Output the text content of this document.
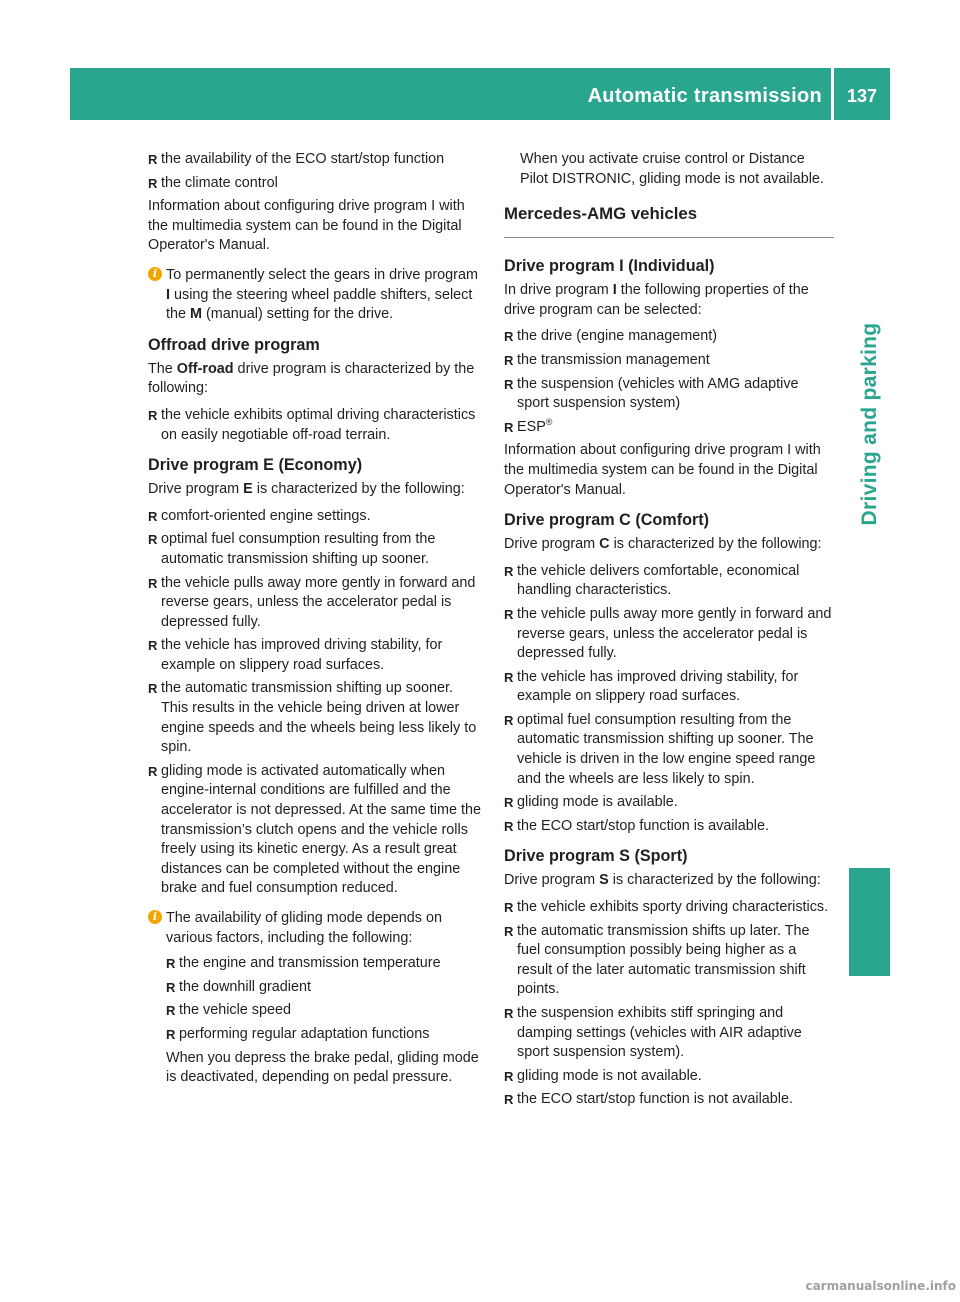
Automatic transmission	137
Driving and parking
R the availability of the ECO start/stop function
R the climate control

Information about configuring drive program I with the multimedia system can be found in the Digital Operator's Manual.

i To permanently select the gears in drive program I using the steering wheel paddle shifters, select the M (manual) setting for the drive.
Offroad drive program

The Off-road drive program is characterized by the following:

R the vehicle exhibits optimal driving characteristics on easily negotiable off-road terrain.
Drive program E (Economy)

Drive program E is characterized by the following:

R comfort-oriented engine settings.
R optimal fuel consumption resulting from the automatic transmission shifting up sooner.
R the vehicle pulls away more gently in forward and reverse gears, unless the accelerator pedal is depressed fully.
R the vehicle has improved driving stability, for example on slippery road surfaces.
R the automatic transmission shifting up sooner. This results in the vehicle being driven at lower engine speeds and the wheels being less likely to spin.
R gliding mode is activated automatically when engine-internal conditions are fulfilled and the accelerator is not depressed. At the same time the transmission’s clutch opens and the vehicle rolls freely using its kinetic energy. As a result great distances can be completed without the engine brake and fuel consumption reduced.
i The availability of gliding mode depends on various factors, including the following:
R the engine and transmission temperature
R the downhill gradient
R the vehicle speed
R performing regular adaptation functions

When you depress the brake pedal, gliding mode is deactivated, depending on pedal pressure.

When you activate cruise control or Distance Pilot DISTRONIC, gliding mode is not available.

Mercedes-AMG vehicles
Drive program I (Individual)

In drive program I the following properties of the drive program can be selected:

R the drive (engine management)
R the transmission management
R the suspension (vehicles with AMG adaptive sport suspension system)
R ESP®

Information about configuring drive program I with the multimedia system can be found in the Digital Operator's Manual.

Drive program C (Comfort)

Drive program C is characterized by the following:

R the vehicle delivers comfortable, economical handling characteristics.
R the vehicle pulls away more gently in forward and reverse gears, unless the accelerator pedal is depressed fully.
R the vehicle has improved driving stability, for example on slippery road surfaces.
R optimal fuel consumption resulting from the automatic transmission shifting up sooner. The vehicle is driven in the low engine speed range and the wheels are less likely to spin.
R gliding mode is available.
R the ECO start/stop function is available.
Drive program S (Sport)

Drive program S is characterized by the following:

R the vehicle exhibits sporty driving characteristics.
R the automatic transmission shifts up later. The fuel consumption possibly being higher as a result of the later automatic transmission shift points.
R the suspension exhibits stiff springing and damping settings (vehicles with AIR adaptive sport suspension system).
R gliding mode is not available.
R the ECO start/stop function is not available.
carmanualsonline.info
